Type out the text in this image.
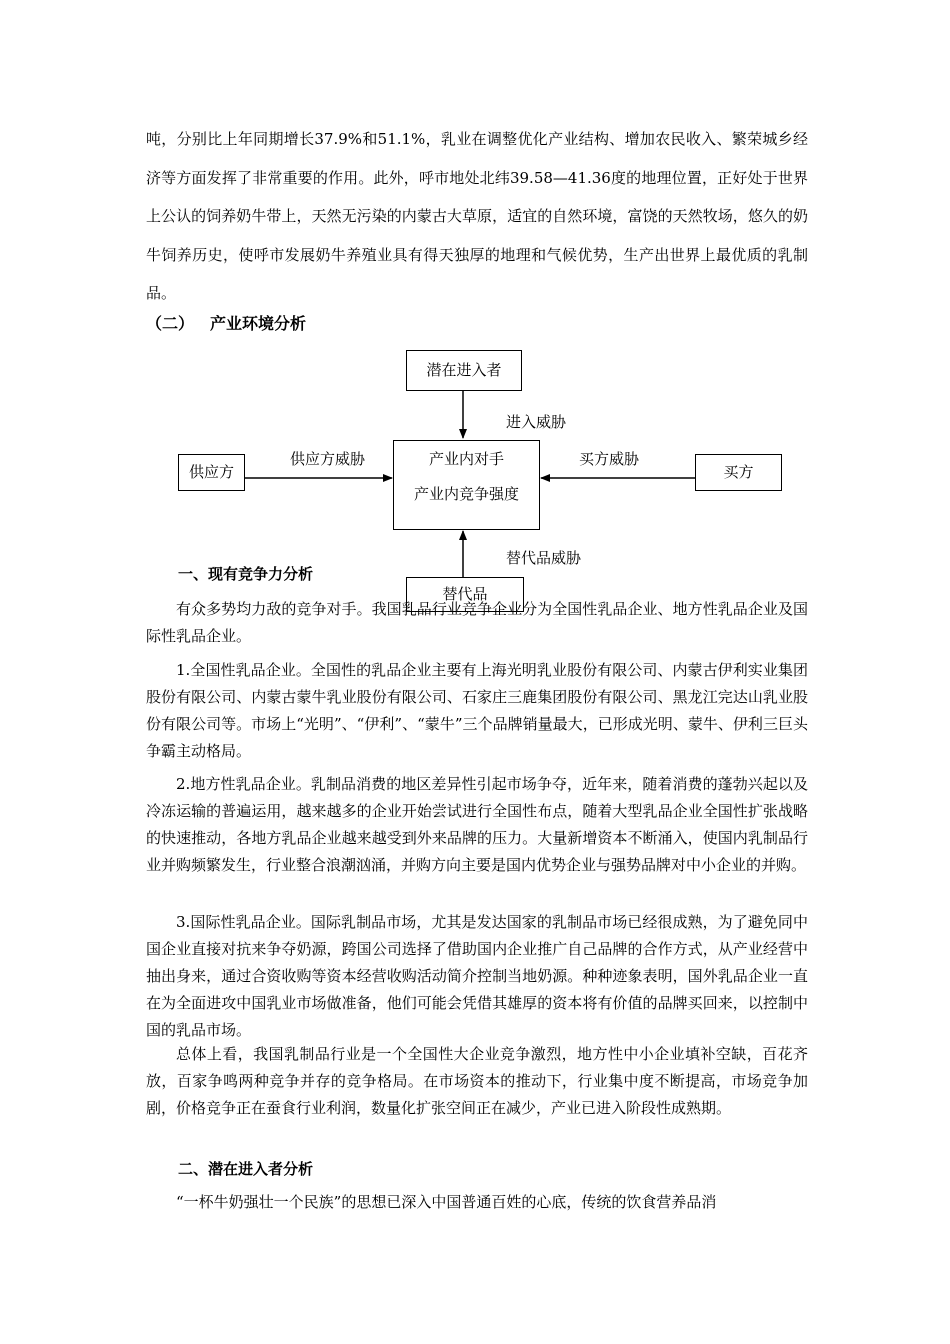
吨，分别比上年同期增长37.9%和51.1%，乳业在调整优化产业结构、增加农民收入、繁荣城乡经济等方面发挥了非常重要的作用。此外，呼市地处北纬39.58—41.36度的地理位置，正好处于世界上公认的饲养奶牛带上，天然无污染的内蒙古大草原，适宜的自然环境，富饶的天然牧场，悠久的奶牛饲养历史，使呼市发展奶牛养殖业具有得天独厚的地理和气候优势，生产出世界上最优质的乳制品。

（二） 产业环境分析
潜在进入者
进入威胁
供应方
供应方威胁	产业内对手
产业内竞争强度
买方威胁
买方
替代品威胁
替代品
一、现有竞争力分析

有众多势均力敌的竞争对手。我国乳品行业竞争企业分为全国性乳品企业、地方性乳品企业及国际性乳品企业。

1.全国性乳品企业。全国性的乳品企业主要有上海光明乳业股份有限公司、内蒙古伊利实业集团股份有限公司、内蒙古蒙牛乳业股份有限公司、石家庄三鹿集团股份有限公司、黑龙江完达山乳业股份有限公司等。市场上“光明”、“伊利”、“蒙牛”三个品牌销量最大，已形成光明、蒙牛、伊利三巨头争霸主动格局。

2.地方性乳品企业。乳制品消费的地区差异性引起市场争夺，近年来，随着消费的蓬勃兴起以及冷冻运输的普遍运用，越来越多的企业开始尝试进行全国性布点，随着大型乳品企业全国性扩张战略的快速推动，各地方乳品企业越来越受到外来品牌的压力。大量新增资本不断涌入，使国内乳制品行业并购频繁发生，行业整合浪潮汹涌，并购方向主要是国内优势企业与强势品牌对中小企业的并购。

3.国际性乳品企业。国际乳制品市场，尤其是发达国家的乳制品市场已经很成熟，为了避免同中国企业直接对抗来争夺奶源，跨国公司选择了借助国内企业推广自己品牌的合作方式，从产业经营中抽出身来，通过合资收购等资本经营收购活动简介控制当地奶源。种种迹象表明，国外乳品企业一直在为全面进攻中国乳业市场做准备，他们可能会凭借其雄厚的资本将有价值的品牌买回来，以控制中国的乳品市场。

总体上看，我国乳制品行业是一个全国性大企业竞争激烈，地方性中小企业填补空缺，百花齐放，百家争鸣两种竞争并存的竞争格局。在市场资本的推动下，行业集中度不断提高，市场竞争加剧，价格竞争正在蚕食行业利润，数量化扩张空间正在减少，产业已进入阶段性成熟期。

二、潜在进入者分析

“一杯牛奶强壮一个民族”的思想已深入中国普通百姓的心底，传统的饮食营养品消
